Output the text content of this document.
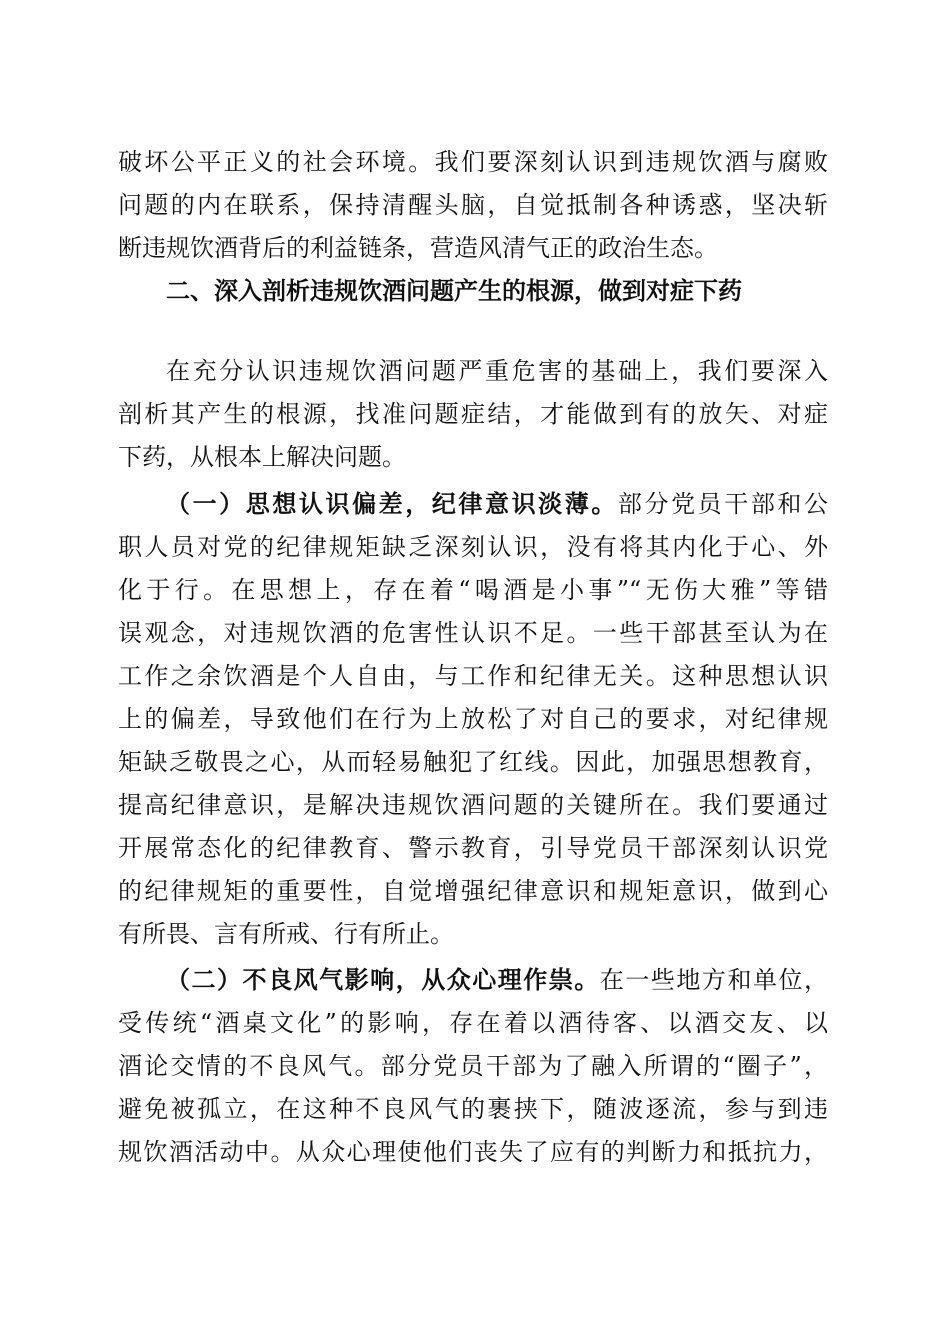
破坏公平正义的社会环境。我们要深刻认识到违规饮酒与腐败
问题的内在联系，保持清醒头脑，自觉抵制各种诱惑，坚决斩
断违规饮酒背后的利益链条，营造风清气正的政治生态。
二、深入剖析违规饮酒问题产生的根源，做到对症下药
在充分认识违规饮酒问题严重危害的基础上，我们要深入
剖析其产生的根源，找准问题症结，才能做到有的放矢、对症
下药，从根本上解决问题。
（一）思想认识偏差，纪律意识淡薄。部分党员干部和公
职人员对党的纪律规矩缺乏深刻认识，没有将其内化于心、外
化于行。在思想上，存在着“喝酒是小事”“无伤大雅”等错
误观念，对违规饮酒的危害性认识不足。一些干部甚至认为在
工作之余饮酒是个人自由，与工作和纪律无关。这种思想认识
上的偏差，导致他们在行为上放松了对自己的要求，对纪律规
矩缺乏敬畏之心，从而轻易触犯了红线。因此，加强思想教育，
提高纪律意识，是解决违规饮酒问题的关键所在。我们要通过
开展常态化的纪律教育、警示教育，引导党员干部深刻认识党
的纪律规矩的重要性，自觉增强纪律意识和规矩意识，做到心
有所畏、言有所戒、行有所止。
（二）不良风气影响，从众心理作祟。在一些地方和单位，
受传统“酒桌文化”的影响，存在着以酒待客、以酒交友、以
酒论交情的不良风气。部分党员干部为了融入所谓的“圈子”，
避免被孤立，在这种不良风气的裹挟下，随波逐流，参与到违
规饮酒活动中。从众心理使他们丧失了应有的判断力和抵抗力，
